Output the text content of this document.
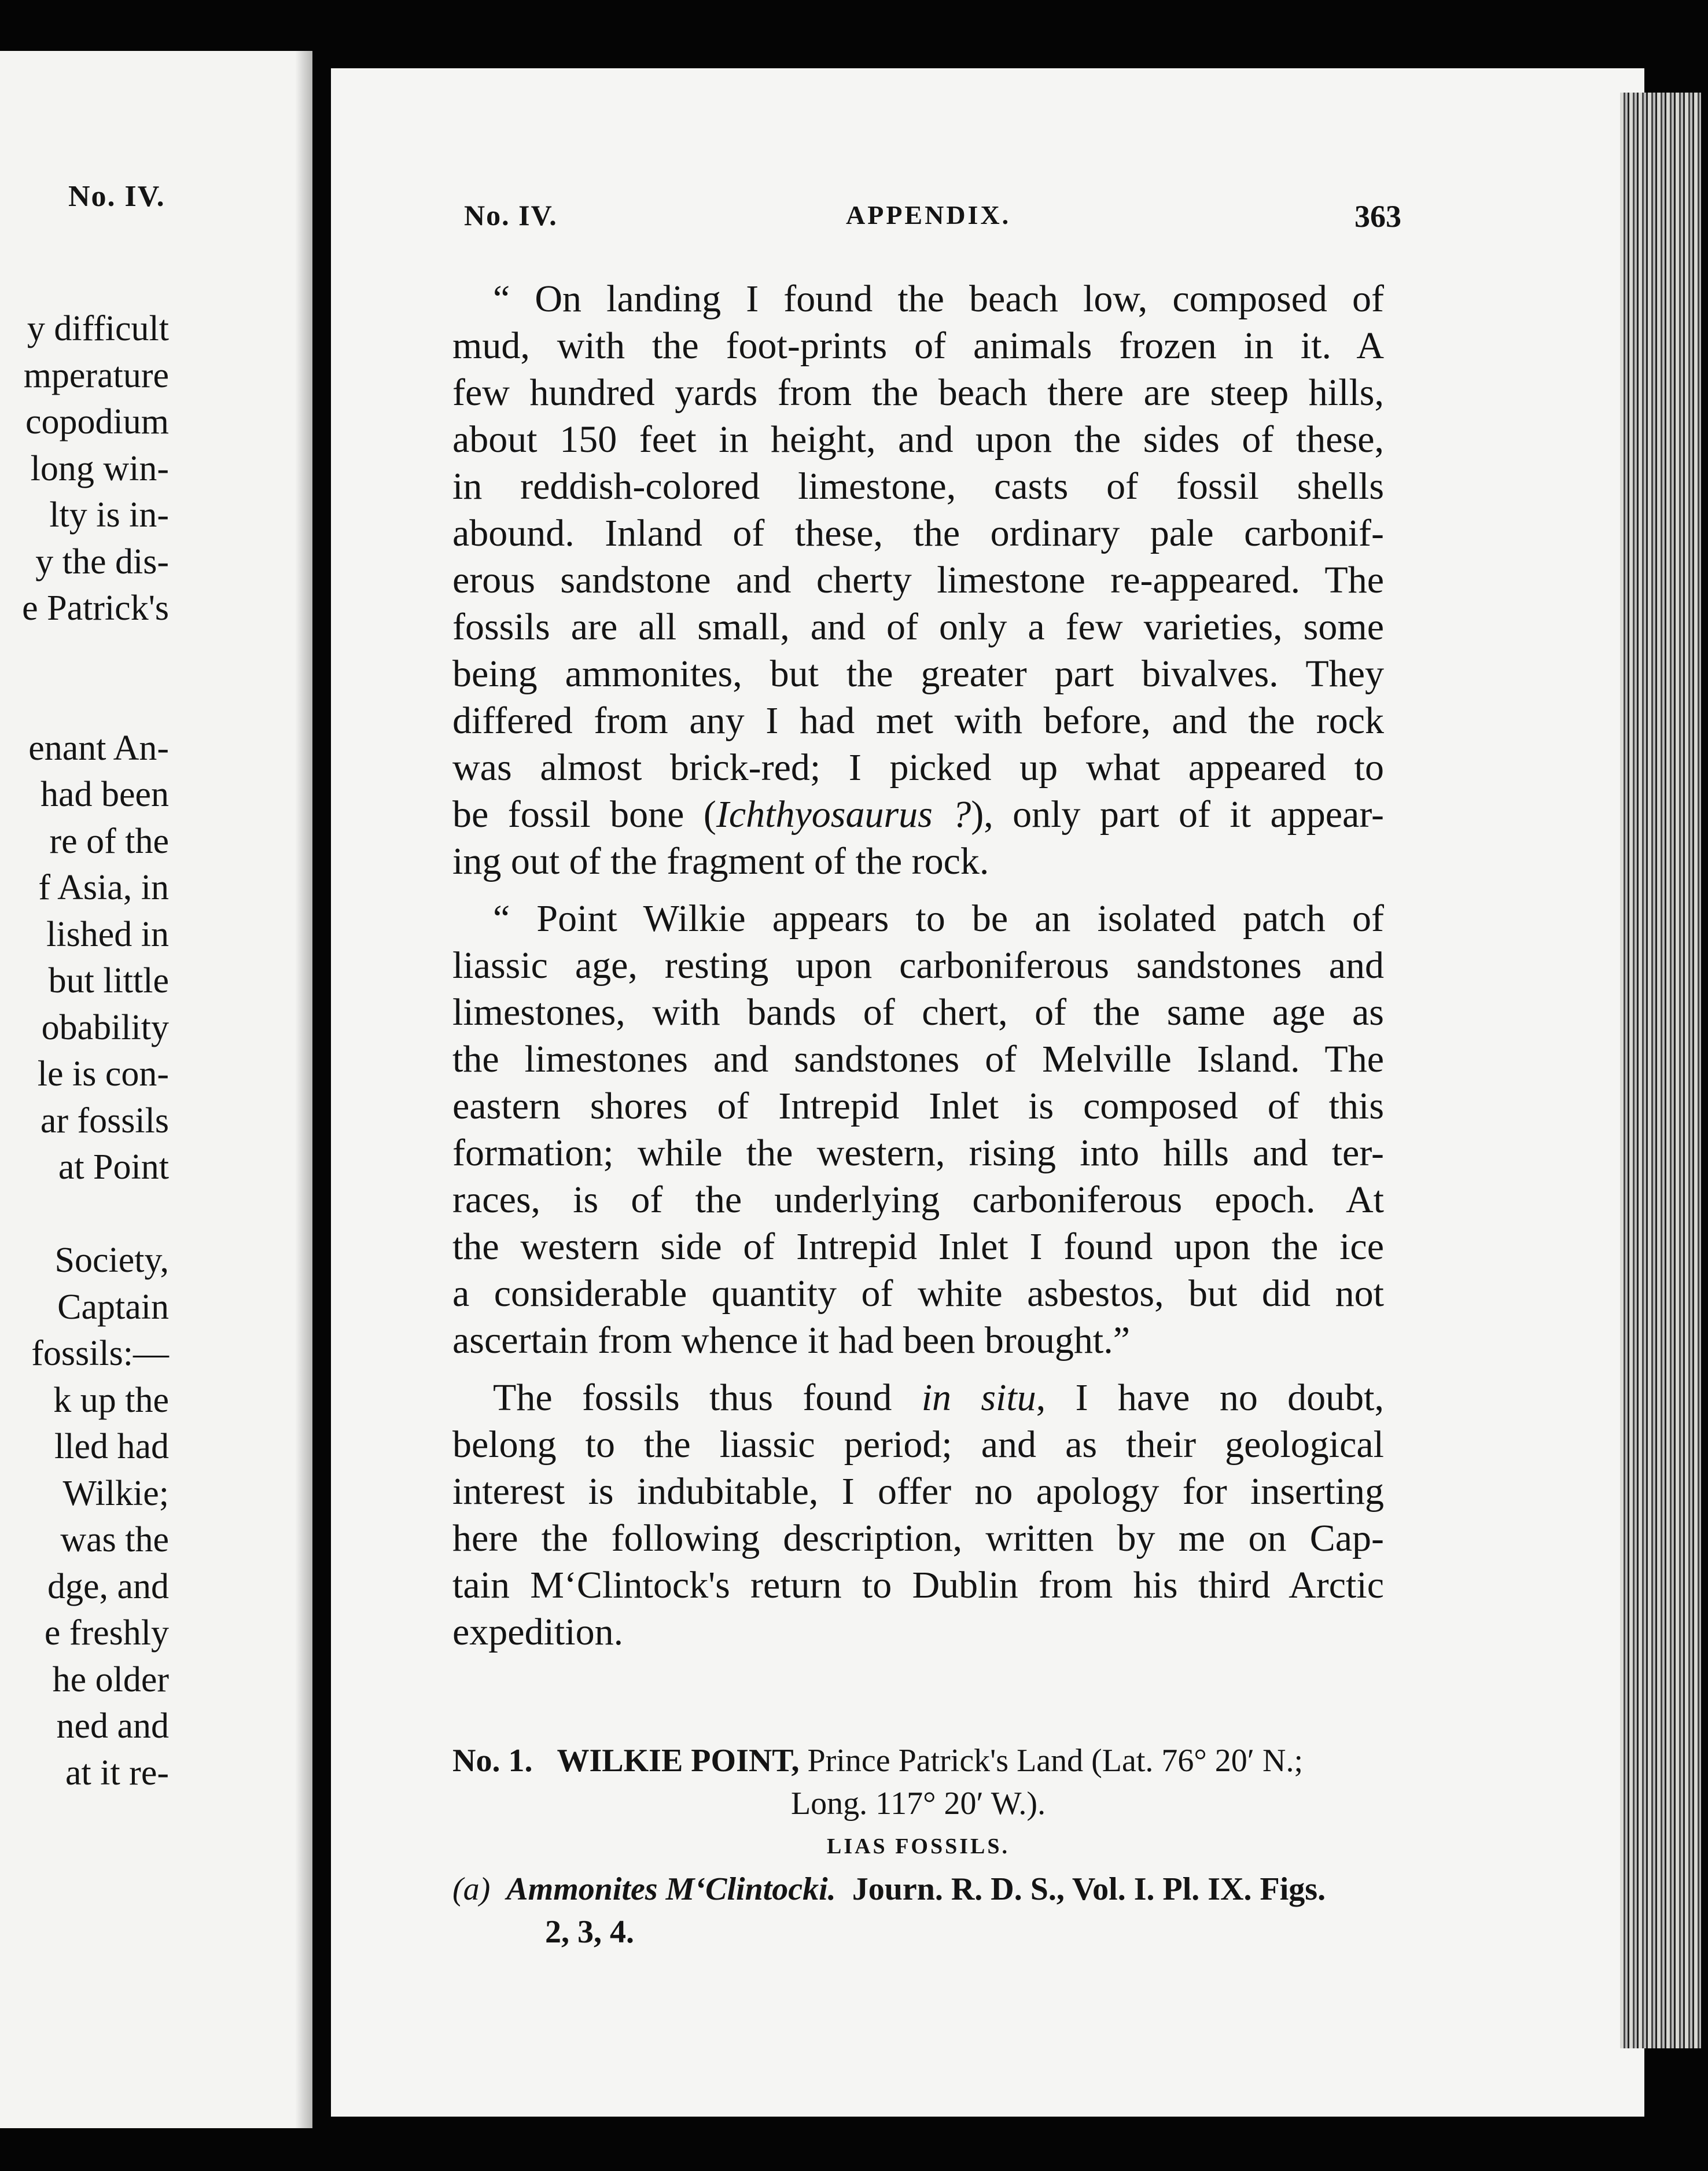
No. IV.
y difficult
mperature
copodium
long win-
lty is in-
y the dis-
e Patrick's
enant An-
had been
re of the
f Asia, in
lished in
but little
obability
le is con-
ar fossils
at Point
Society,
Captain
fossils:—
k up the
lled had
Wilkie;
was the
dge, and
e freshly
he older
ned and
at it re-
No. IV.	APPENDIX.	363
“ On landing I found the beach low, composed of
mud, with the foot-prints of animals frozen in it. A
few hundred yards from the beach there are steep hills,
about 150 feet in height, and upon the sides of these,
in reddish-colored limestone, casts of fossil shells
abound. Inland of these, the ordinary pale carbonif-
erous sandstone and cherty limestone re-appeared. The
fossils are all small, and of only a few varieties, some
being ammonites, but the greater part bivalves. They
differed from any I had met with before, and the rock
was almost brick-red; I picked up what appeared to
be fossil bone (Ichthyosaurus ?), only part of it appear-
ing out of the fragment of the rock.
“ Point Wilkie appears to be an isolated patch of
liassic age, resting upon carboniferous sandstones and
limestones, with bands of chert, of the same age as
the limestones and sandstones of Melville Island. The
eastern shores of Intrepid Inlet is composed of this
formation; while the western, rising into hills and ter-
races, is of the underlying carboniferous epoch. At
the western side of Intrepid Inlet I found upon the ice
a considerable quantity of white asbestos, but did not
ascertain from whence it had been brought.”
The fossils thus found in situ, I have no doubt,
belong to the liassic period; and as their geological
interest is indubitable, I offer no apology for inserting
here the following description, written by me on Cap-
tain M‘Clintock's return to Dublin from his third Arctic
expedition.
No. 1. WILKIE POINT, Prince Patrick's Land (Lat. 76° 20′ N.;
Long. 117° 20′ W.).
LIAS FOSSILS.
(a) Ammonites M‘Clintocki. Journ. R. D. S., Vol. I. Pl. IX. Figs.
2, 3, 4.
